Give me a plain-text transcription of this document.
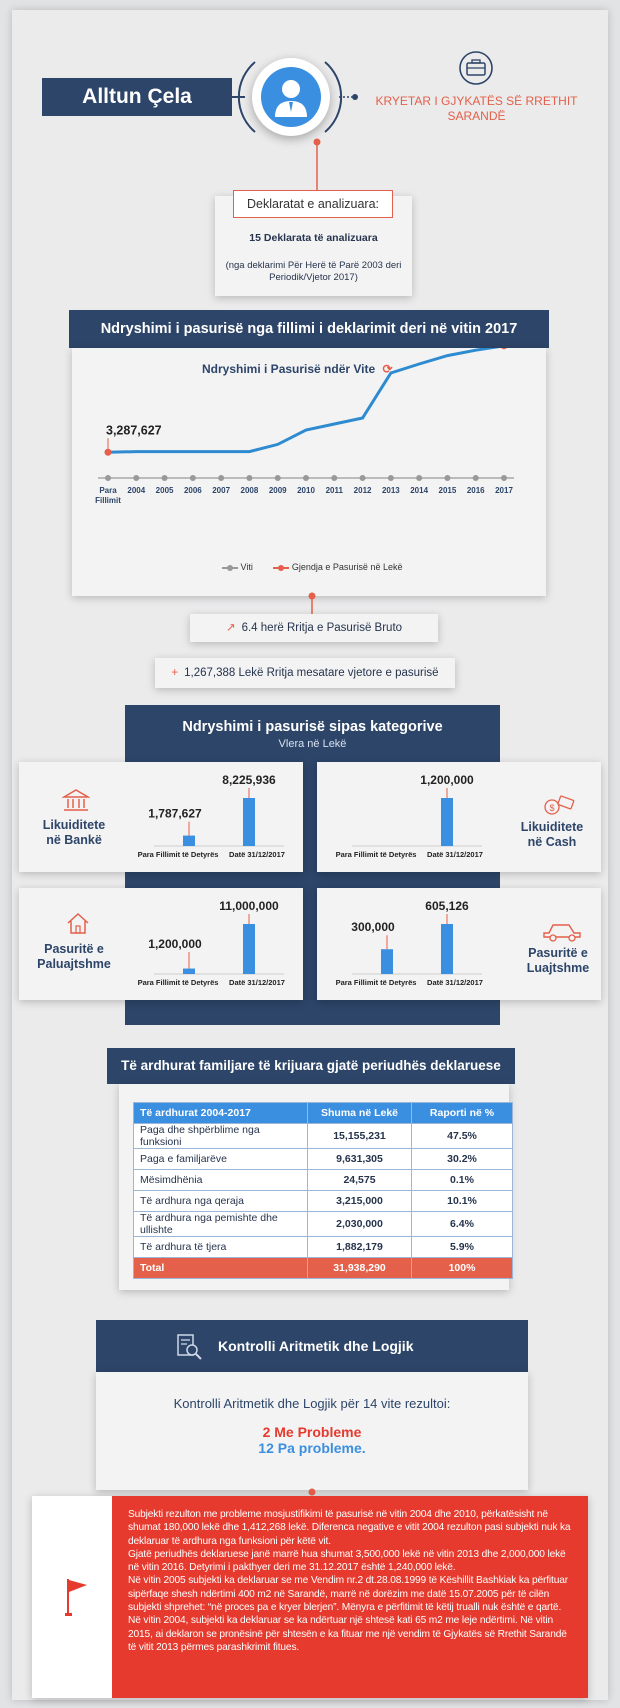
Alltun Çela	KRYETAR I GJYKATËS SË RRETHIT
SARANDË
Deklaratat e analizuara:
15 Deklarata të analizuara
(nga deklarimi Për Herë të Parë 2003 deri
Periodik/Vjetor 2017)
Ndryshimi i pasurisë nga fillimi i deklarimit deri në vitin 2017
Ndryshimi i Pasurisë ndër Vite ⟳
Para
Fillimit
2004 2005 2006 2007 2008 2009 2010 2011 2012 2013 2014 2015 2016 2017
3,287,627
Viti	Gjendja e Pasurisë në Lekë
↗ 6.4 herë Rritja e Pasurisë Bruto
+ 1,267,388 Lekë Rritja mesatare vjetore e pasurisë
Ndryshimi i pasurisë sipas kategorive
Vlera në Lekë
Likuiditete
në Bankë
1,787,627
Para Fillimit të Detyrës
8,225,936
Datë 31/12/2017	Para Fillimit të Detyrës
1,200,000
Datë 31/12/2017
$
Likuiditete
në Cash
Pasuritë e
Paluajtshme
1,200,000
Para Fillimit të Detyrës
11,000,000
Datë 31/12/2017
300,000
Para Fillimit të Detyrës
605,126
Datë 31/12/2017
Pasuritë e
Luajtshme
Të ardhurat familjare të krijuara gjatë periudhës deklaruese
Të ardhurat 2004-2017	Shuma në Lekë	Raporti në %
Paga dhe shpërblime nga funksioni	15,155,231	47.5%
Paga e familjarëve	9,631,305	30.2%
Mësimdhënia	24,575	0.1%
Të ardhura nga qeraja	3,215,000	10.1%
Të ardhura nga pemishte dhe ullishte	2,030,000	6.4%
Të ardhura të tjera	1,882,179	5.9%
Total	31,938,290	100%
Kontrolli Aritmetik dhe Logjik
Kontrolli Aritmetik dhe Logjik për 14 vite rezultoi:
2 Me Probleme
12 Pa probleme.
Subjekti rezulton me probleme mosjustifikimi të pasurisë në vitin 2004 dhe 2010, përkatësisht në shumat 180,000 lekë dhe 1,412,268 lekë. Diferenca negative e vitit 2004 rezulton pasi subjekti nuk ka deklaruar të ardhura nga funksioni për këtë vit.
Gjatë periudhës deklaruese janë marrë hua shumat 3,500,000 lekë në vitin 2013 dhe 2,000,000 lekë në vitin 2016. Detyrimi i pakthyer deri me 31.12.2017 është 1,240,000 lekë.
Në vitin 2005 subjekti ka deklaruar se me Vendim nr.2 dt.28.08.1999 të Këshillit Bashkiak ka përfituar sipërfaqe shesh ndërtimi 400 m2 në Sarandë, marrë në dorëzim me datë 15.07.2005 për të cilën subjekti shprehet: “në proces pa e kryer blerjen”. Mënyra e përfitimit të këtij trualli nuk është e qartë.
Në vitin 2004, subjekti ka deklaruar se ka ndërtuar një shtesë kati 65 m2 me leje ndërtimi. Në vitin 2015, ai deklaron se pronësinë për shtesën e ka fituar me një vendim të Gjykatës së Rrethit Sarandë të vitit 2013 përmes parashkrimit fitues.
